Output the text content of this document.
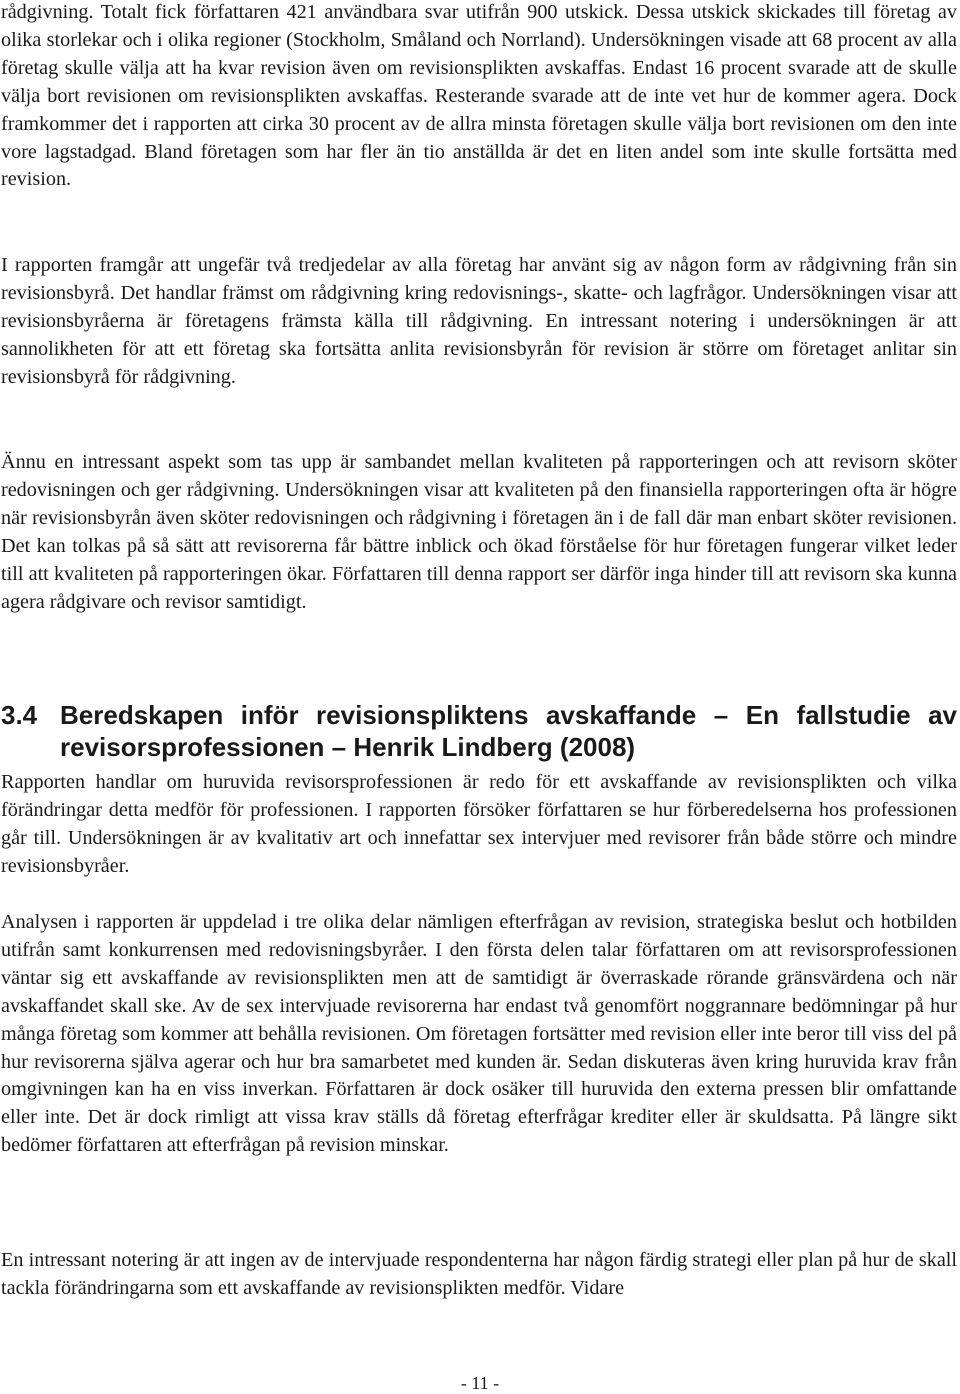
rådgivning. Totalt fick författaren 421 användbara svar utifrån 900 utskick. Dessa utskick skickades till företag av olika storlekar och i olika regioner (Stockholm, Småland och Norrland). Undersökningen visade att 68 procent av alla företag skulle välja att ha kvar revision även om revisionsplikten avskaffas. Endast 16 procent svarade att de skulle välja bort revisionen om revisionsplikten avskaffas. Resterande svarade att de inte vet hur de kommer agera. Dock framkommer det i rapporten att cirka 30 procent av de allra minsta företagen skulle välja bort revisionen om den inte vore lagstadgad. Bland företagen som har fler än tio anställda är det en liten andel som inte skulle fortsätta med revision.

I rapporten framgår att ungefär två tredjedelar av alla företag har använt sig av någon form av rådgivning från sin revisionsbyrå. Det handlar främst om rådgivning kring redovisnings-, skatte- och lagfrågor. Undersökningen visar att revisionsbyråerna är företagens främsta källa till rådgivning. En intressant notering i undersökningen är att sannolikheten för att ett företag ska fortsätta anlita revisionsbyrån för revision är större om företaget anlitar sin revisionsbyrå för rådgivning.

Ännu en intressant aspekt som tas upp är sambandet mellan kvaliteten på rapporteringen och att revisorn sköter redovisningen och ger rådgivning. Undersökningen visar att kvaliteten på den finansiella rapporteringen ofta är högre när revisionsbyrån även sköter redovisningen och rådgivning i företagen än i de fall där man enbart sköter revisionen. Det kan tolkas på så sätt att revisorerna får bättre inblick och ökad förståelse för hur företagen fungerar vilket leder till att kvaliteten på rapporteringen ökar. Författaren till denna rapport ser därför inga hinder till att revisorn ska kunna agera rådgivare och revisor samtidigt.

3.4 Beredskapen inför revisionspliktens avskaffande – En fallstudie av revisorsprofessionen – Henrik Lindberg (2008)

Rapporten handlar om huruvida revisorsprofessionen är redo för ett avskaffande av revisionsplikten och vilka förändringar detta medför för professionen. I rapporten försöker författaren se hur förberedelserna hos professionen går till. Undersökningen är av kvalitativ art och innefattar sex intervjuer med revisorer från både större och mindre revisionsbyråer.

Analysen i rapporten är uppdelad i tre olika delar nämligen efterfrågan av revision, strategiska beslut och hotbilden utifrån samt konkurrensen med redovisningsbyråer. I den första delen talar författaren om att revisorsprofessionen väntar sig ett avskaffande av revisionsplikten men att de samtidigt är överraskade rörande gränsvärdena och när avskaffandet skall ske. Av de sex intervjuade revisorerna har endast två genomfört noggrannare bedömningar på hur många företag som kommer att behålla revisionen. Om företagen fortsätter med revision eller inte beror till viss del på hur revisorerna själva agerar och hur bra samarbetet med kunden är. Sedan diskuteras även kring huruvida krav från omgivningen kan ha en viss inverkan. Författaren är dock osäker till huruvida den externa pressen blir omfattande eller inte. Det är dock rimligt att vissa krav ställs då företag efterfrågar krediter eller är skuldsatta. På längre sikt bedömer författaren att efterfrågan på revision minskar.

En intressant notering är att ingen av de intervjuade respondenterna har någon färdig strategi eller plan på hur de skall tackla förändringarna som ett avskaffande av revisionsplikten medför. Vidare

- 11 -
